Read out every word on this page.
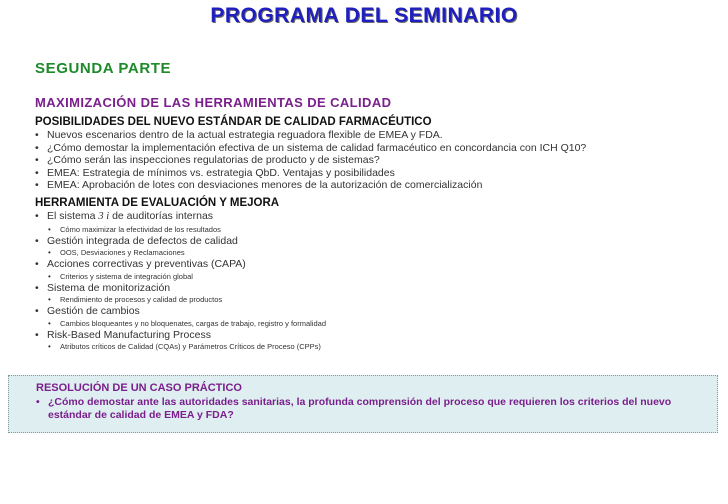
PROGRAMA DEL SEMINARIO
SEGUNDA PARTE
MAXIMIZACIÓN DE LAS HERRAMIENTAS DE CALIDAD
POSIBILIDADES DEL NUEVO ESTÁNDAR DE CALIDAD FARMACÉUTICO
• Nuevos escenarios dentro de la actual estrategia reguadora flexible de EMEA y FDA.
• ¿Cómo demostar la implementación efectiva de un sistema de calidad farmacéutico en concordancia con ICH Q10?
• ¿Cómo serán las inspecciones regulatorias de producto y de sistemas?
• EMEA: Estrategia de mínimos vs. estrategia QbD. Ventajas y posibilidades
• EMEA: Aprobación de lotes con desviaciones menores de la autorización de comercialización
HERRAMIENTA DE EVALUACIÓN Y MEJORA
• El sistema 3 i de auditorías internas
• Cómo maximizar la efectividad de los resultados
• Gestión integrada de defectos de calidad
• OOS, Desviaciones y Reclamaciones
• Acciones correctivas y preventivas (CAPA)
• Criterios y sistema de integración global
• Sistema de monitorización
• Rendimiento de procesos y calidad de productos
• Gestión de cambios
• Cambios bloqueantes y no bloquenates, cargas de trabajo, registro y formalidad
• Risk-Based Manufacturing Process
• Atributos críticos de Calidad (CQAs) y Parámetros Críticos de Proceso (CPPs)
RESOLUCIÓN DE UN CASO PRÁCTICO
• ¿Cómo demostar ante las autoridades sanitarias, la profunda comprensión del proceso que requieren los criterios del nuevo estándar de calidad de EMEA y FDA?
